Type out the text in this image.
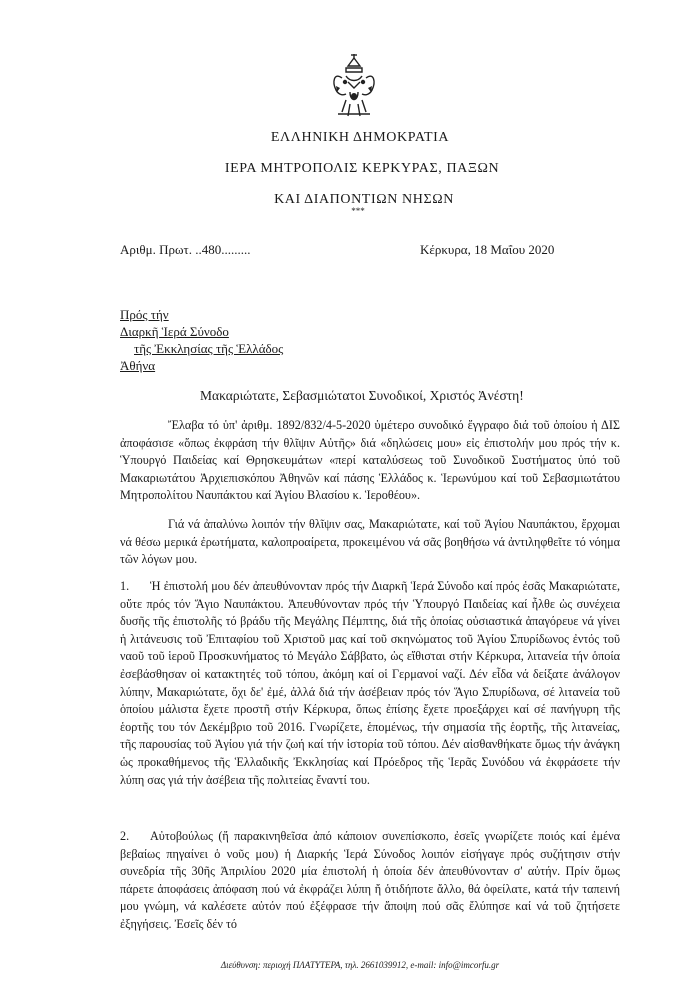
ΕΛΛΗΝΙΚΗ ΔΗΜΟΚΡΑΤΙΑ
ΙΕΡΑ ΜΗΤΡΟΠΟΛΙΣ ΚΕΡΚΥΡΑΣ, ΠΑΞΩΝ
ΚΑΙ ΔΙΑΠΟΝΤΙΩΝ ΝΗΣΩΝ
***
Αριθμ. Πρωτ. ..480.........	Κέρκυρα, 18 Μαΐου 2020
Πρός τήν
Διαρκῆ Ἱερά Σύνοδο
τῆς Ἐκκλησίας τῆς Ἑλλάδος
Ἀθήνα
Μακαριώτατε, Σεβασμιώτατοι Συνοδικοί, Χριστός Ἀνέστη!

Ἔλαβα τό ὑπ' ἀριθμ. 1892/832/4-5-2020 ὑμέτερο συνοδικό ἔγγραφο διά τοῦ ὁποίου ἡ ΔΙΣ ἀποφάσισε «ὅπως ἐκφράση τήν θλῖψιν Αὐτῆς» διά «δηλώσεις μου» εἰς ἐπιστολήν μου πρός τήν κ. Ὑπουργό Παιδείας καί Θρησκευμάτων «περί καταλύσεως τοῦ Συνοδικοῦ Συστήματος ὑπό τοῦ Μακαριωτάτου Ἀρχιεπισκόπου Ἀθηνῶν καί πάσης Ἑλλάδος κ. Ἱερωνύμου καί τοῦ Σεβασμιωτάτου Μητροπολίτου Ναυπάκτου καί Ἁγίου Βλασίου κ. Ἱεροθέου».

Γιά νά ἀπαλύνω λοιπόν τήν θλῖψιν σας, Μακαριώτατε, καί τοῦ Ἁγίου Ναυπάκτου, ἔρχομαι νά θέσω μερικά ἐρωτήματα, καλοπροαίρετα, προκειμένου νά σᾶς βοηθήσω νά ἀντιληφθεῖτε τό νόημα τῶν λόγων μου.

1. Ἡ ἐπιστολή μου δέν ἀπευθύνονταν πρός τήν Διαρκῆ Ἱερά Σύνοδο καί πρός ἐσᾶς Μακαριώτατε, οὔτε πρός τόν Ἅγιο Ναυπάκτου. Ἀπευθύνονταν πρός τήν Ὑπουργό Παιδείας καί ἦλθε ὡς συνέχεια δυσῆς τῆς ἐπιστολῆς τό βράδυ τῆς Μεγάλης Πέμπτης, διά τῆς ὁποίας οὐσιαστικά ἀπαγόρευε νά γίνει ἡ λιτάνευσις τοῦ Ἐπιταφίου τοῦ Χριστοῦ μας καί τοῦ σκηνώματος τοῦ Ἁγίου Σπυρίδωνος ἐντός τοῦ ναοῦ τοῦ ἱεροῦ Προσκυνήματος τό Μεγάλο Σάββατο, ὡς εἴθισται στήν Κέρκυρα, λιτανεία τήν ὁποία ἐσεβάσθησαν οἱ κατακτητές τοῦ τόπου, ἀκόμη καί οἱ Γερμανοί ναζί. Δέν εἶδα νά δείξατε ἀνάλογον λύπην, Μακαριώτατε, ὄχι δε' ἐμέ, ἀλλά διά τήν ἀσέβειαν πρός τόν Ἅγιο Σπυρίδωνα, σέ λιτανεία τοῦ ὁποίου μάλιστα ἔχετε προστῆ στήν Κέρκυρα, ὅπως ἐπίσης ἔχετε προεξάρχει καί σέ πανήγυρη τῆς ἑορτῆς του τόν Δεκέμβριο τοῦ 2016. Γνωρίζετε, ἑπομένως, τήν σημασία τῆς ἑορτῆς, τῆς λιτανείας, τῆς παρουσίας τοῦ Ἁγίου γιά τήν ζωή καί τήν ἱστορία τοῦ τόπου. Δέν αἰσθανθήκατε ὅμως τήν ἀνάγκη ὡς προκαθήμενος τῆς Ἑλλαδικῆς Ἐκκλησίας καί Πρόεδρος τῆς Ἱερᾶς Συνόδου νά ἐκφράσετε τήν λύπη σας γιά τήν ἀσέβεια τῆς πολιτείας ἔναντί του.

2. Αὐτοβούλως (ἤ παρακινηθεῖσα ἀπό κάποιον συνεπίσκοπο, ἐσεῖς γνωρίζετε ποιός καί ἐμένα βεβαίως πηγαίνει ὁ νοῦς μου) ἡ Διαρκής Ἱερά Σύνοδος λοιπόν εἰσήγαγε πρός συζήτησιν στήν συνεδρία τῆς 30ῆς Ἀπριλίου 2020 μία ἐπιστολή ἡ ὁποία δέν ἀπευθύνονταν σ' αὐτήν. Πρίν ὅμως πάρετε ἀποφάσεις ἀπόφαση πού νά ἐκφράζει λύπη ἤ ὁτιδήποτε ἄλλο, θά ὀφείλατε, κατά τήν ταπεινή μου γνώμη, νά καλέσετε αὐτόν πού ἐξέφρασε τήν ἄποψη πού σᾶς ἔλύπησε καί νά τοῦ ζητήσετε ἐξηγήσεις. Ἐσεῖς δέν τό

Διεύθυνση: περιοχή ΠΛΑΤΥΤΕΡΑ, τηλ. 2661039912, e-mail: info@imcorfu.gr
